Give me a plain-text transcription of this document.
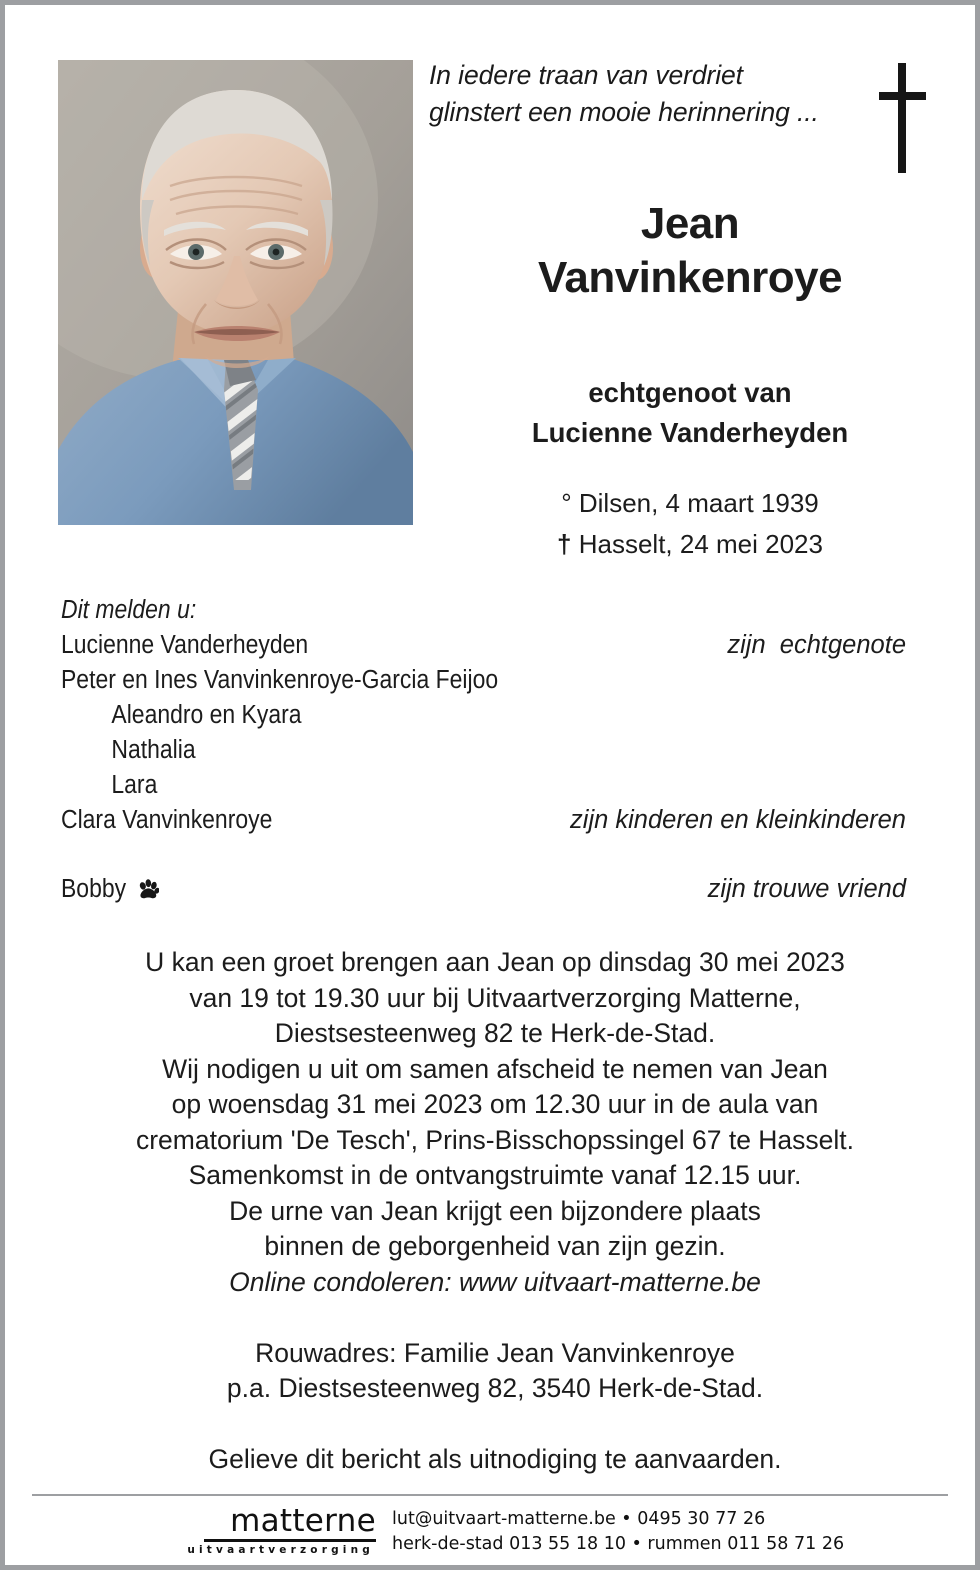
In iedere traan van verdriet glinstert een mooie herinnering ...
Jean
Vanvinkenroye
echtgenoot van
Lucienne Vanderheyden
° Dilsen, 4 maart 1939
† Hasselt, 24 mei 2023
Dit melden u:
Lucienne Vanderheyden	zijn  echtgenote
Peter en Ines Vanvinkenroye-Garcia Feijoo
Aleandro en Kyara
Nathalia
Lara
Clara Vanvinkenroye	zijn kinderen en kleinkinderen
Bobby	zijn trouwe vriend
U kan een groet brengen aan Jean op dinsdag 30 mei 2023
van 19 tot 19.30 uur bij Uitvaartverzorging Matterne,
Diestsesteenweg 82 te Herk-de-Stad.
Wij nodigen u uit om samen afscheid te nemen van Jean
op woensdag 31 mei 2023 om 12.30 uur in de aula van
crematorium 'De Tesch', Prins-Bisschopssingel 67 te Hasselt.
Samenkomst in de ontvangstruimte vanaf 12.15 uur.
De urne van Jean krijgt een bijzondere plaats
binnen de geborgenheid van zijn gezin.
Online condoleren: www uitvaart-matterne.be
Rouwadres: Familie Jean Vanvinkenroye
p.a. Diestsesteenweg 82, 3540 Herk-de-Stad.
Gelieve dit bericht als uitnodiging te aanvaarden.
matterne
uitvaartverzorging
lut@uitvaart-matterne.be • 0495 30 77 26
herk-de-stad 013 55 18 10 • rummen 011 58 71 26
